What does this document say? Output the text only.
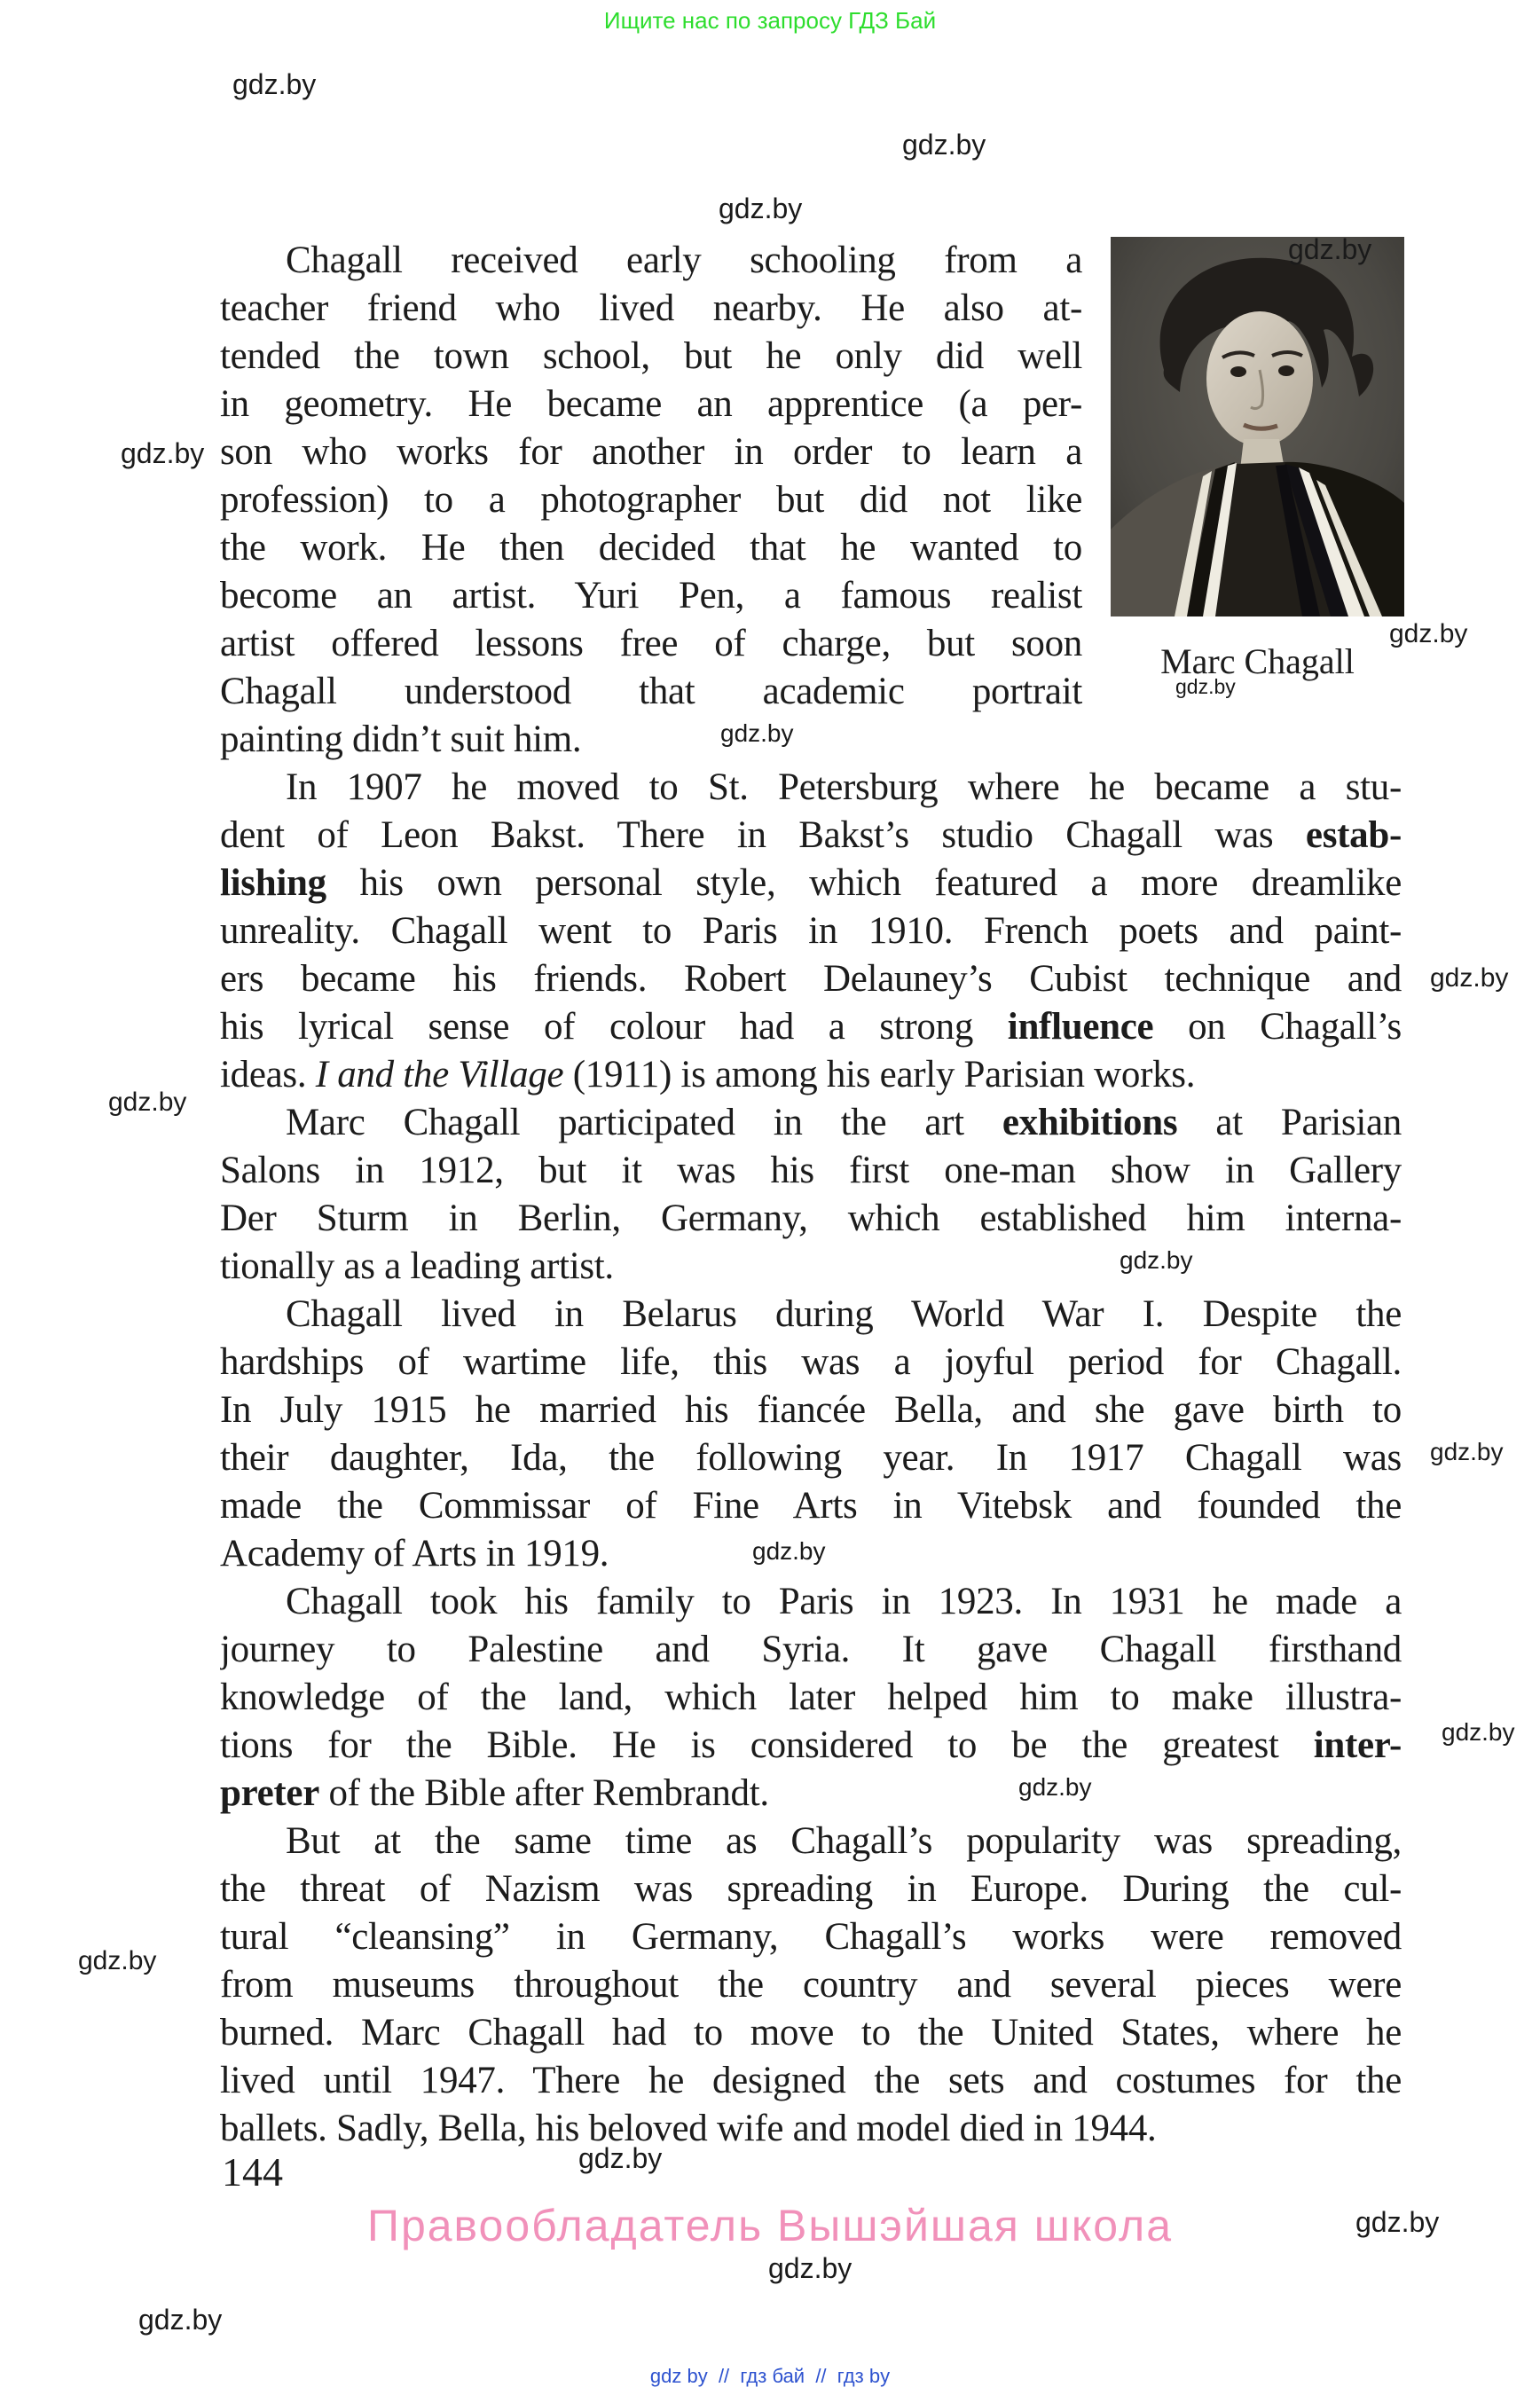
Ищите нас по запросу ГДЗ Бай
Marc Chagall
Chagall received early schooling from a
teacher friend who lived nearby. He also at-
tended the town school, but he only did well
in geometry. He became an apprentice (a per-
son who works for another in order to learn a
profession) to a photographer but did not like
the work. He then decided that he wanted to
become an artist. Yuri Pen, a famous realist
artist offered lessons free of charge, but soon
Chagall understood that academic portrait
painting didn’t suit him.
In 1907 he moved to St. Petersburg where he became a stu-
dent of Leon Bakst. There in Bakst’s studio Chagall was estab-
lishing his own personal style, which featured a more dreamlike
unreality. Chagall went to Paris in 1910. French poets and paint-
ers became his friends. Robert Delauney’s Cubist technique and
his lyrical sense of colour had a strong influence on Chagall’s
ideas. I and the Village (1911) is among his early Parisian works.
Marc Chagall participated in the art exhibitions at Parisian
Salons in 1912, but it was his first one-man show in Gallery
Der Sturm in Berlin, Germany, which established him interna-
tionally as a leading artist.
Chagall lived in Belarus during World War I. Despite the
hardships of wartime life, this was a joyful period for Chagall.
In July 1915 he married his fiancée Bella, and she gave birth to
their daughter, Ida, the following year. In 1917 Chagall was
made the Commissar of Fine Arts in Vitebsk and founded the
Academy of Arts in 1919.
Chagall took his family to Paris in 1923. In 1931 he made a
journey to Palestine and Syria. It gave Chagall firsthand
knowledge of the land, which later helped him to make illustra-
tions for the Bible. He is considered to be the greatest inter-
preter of the Bible after Rembrandt.
But at the same time as Chagall’s popularity was spreading,
the threat of Nazism was spreading in Europe. During the cul-
tural “cleansing” in Germany, Chagall’s works were removed
from museums throughout the country and several pieces were
burned. Marc Chagall had to move to the United States, where he
lived until 1947. There he designed the sets and costumes for the
ballets. Sadly, Bella, his beloved wife and model died in 1944.
144
Правообладатель Вышэйшая школа
gdz by  //  гдз бай  //  гдз by
gdz.by
gdz.by
gdz.by
gdz.by
gdz.by
gdz.by
gdz.by
gdz.by
gdz.by
gdz.by
gdz.by
gdz.by
gdz.by
gdz.by
gdz.by
gdz.by
gdz.by
gdz.by
gdz.by
gdz.by
